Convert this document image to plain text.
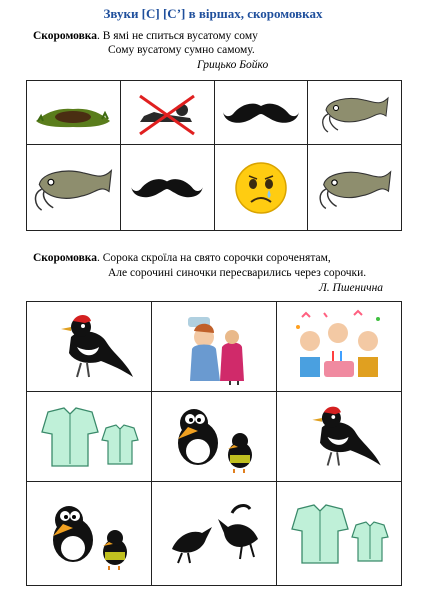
Звуки [С] [С’] в віршах, скоромовках
Скоромовка. В ямі не спиться вусатому сому
Сому вусатому сумно самому.
Грицько Бойко

Скоромовка. Сорока скроїла на свято сорочки сороченятам,
Але сорочині синочки пересварились через сорочки.
Л. Пшенична
